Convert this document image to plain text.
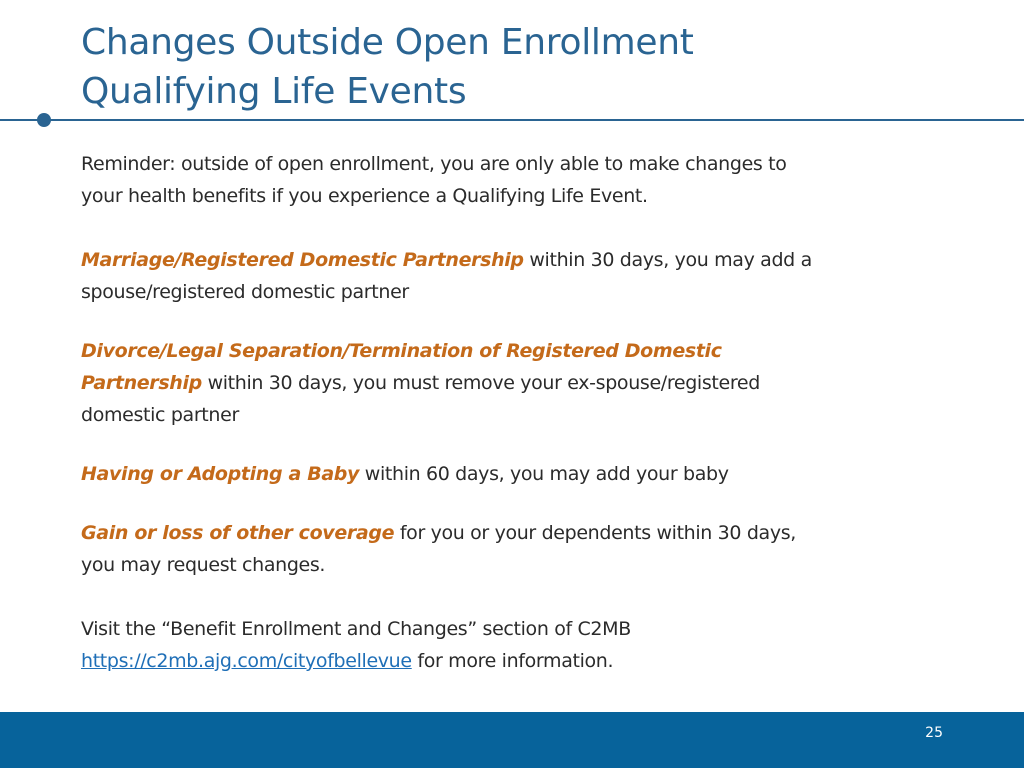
Changes Outside Open Enrollment
Qualifying Life Events

Reminder: outside of open enrollment, you are only able to make changes to your health benefits if you experience a Qualifying Life Event.

Marriage/Registered Domestic Partnership within 30 days, you may add a spouse/registered domestic partner

Divorce/Legal Separation/Termination of Registered Domestic Partnership within 30 days, you must remove your ex-spouse/registered domestic partner

Having or Adopting a Baby within 60 days, you may add your baby

Gain or loss of other coverage for you or your dependents within 30 days, you may request changes.

Visit the “Benefit Enrollment and Changes” section of C2MB https://c2mb.ajg.com/cityofbellevue for more information.

25
